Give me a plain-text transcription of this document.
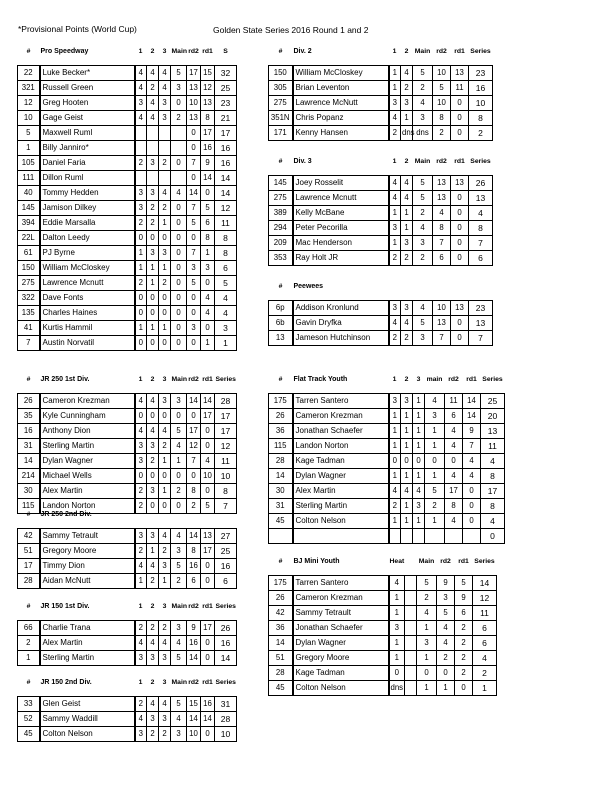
*Provisional Points (World Cup)	Golden State Series 2016 Round 1 and 2
#	Pro Speedway	1	2	3	Main	rd2	rd1	S

22	Luke Becker*	4	4	4	5	17	15	32
321	Russell Green	4	2	4	3	13	12	25
12	Greg Hooten	3	4	3	0	10	13	23
10	Gage Geist	4	4	3	2	13	8	21
5	Maxwell Ruml					0	17	17
1	Billy Janniro*					0	16	16
105	Daniel Faria	2	3	2	0	7	9	16
111	Dillon Ruml					0	14	14
40	Tommy Hedden	3	3	4	4	14	0	14
145	Jamison Dilkey	3	2	2	0	7	5	12
394	Eddie Marsalla	2	2	1	0	5	6	11
22L	Dalton Leedy	0	0	0	0	0	8	8
61	PJ Byrne	1	3	3	0	7	1	8
150	William McCloskey	1	1	1	0	3	3	6
275	Lawrence Mcnutt	2	1	2	0	5	0	5
322	Dave Fonts	0	0	0	0	0	4	4
135	Charles Haines	0	0	0	0	0	4	4
41	Kurtis Hammil	1	1	1	0	3	0	3
7	Austin Norvatil	0	0	0	0	0	1	1
#	Div. 2	1	2	Main	rd2	rd1	Series

150	William McCloskey	1	4	5	10	13	23
305	Brian Leventon	1	2	2	5	11	16
275	Lawrence McNutt	3	3	4	10	0	10
351N	Chris Popanz	4	1	3	8	0	8
171	Kenny Hansen	2	dns	dns	2	0	2
#	Div. 3	1	2	Main	rd2	rd1	Series

145	Joey Rosselit	4	4	5	13	13	26
275	Lawrence Mcnutt	4	4	5	13	0	13
389	Kelly McBane	1	1	2	4	0	4
294	Peter Pecorilla	3	1	4	8	0	8
209	Mac Henderson	1	3	3	7	0	7
353	Ray Holt JR	2	2	2	6	0	6
#	Peewees						

6p	Addison Kronlund	3	3	4	10	13	23
6b	Gavin Dryfka	4	4	5	13	0	13
13	Jameson Hutchinson	2	2	3	7	0	7
#	JR 250 1st Div.	1	2	3	Main	rd2	rd1	Series

26	Cameron Krezman	4	4	3	3	14	14	28
35	Kyle Cunningham	0	0	0	0	0	17	17
16	Anthony Dion	4	4	4	5	17	0	17
31	Sterling Martin	3	3	2	4	12	0	12
14	Dylan Wagner	3	2	1	1	7	4	11
214	Michael Wells	0	0	0	0	0	10	10
30	Alex Martin	2	3	1	2	8	0	8
115	Landon Norton	2	0	0	0	2	5	7
#	JR 250 2nd Div.							

42	Sammy Tetrault	3	3	4	4	14	13	27
51	Gregory Moore	2	1	2	3	8	17	25
17	Timmy Dion	4	4	3	5	16	0	16
28	Aidan McNutt	1	2	1	2	6	0	6
#	JR 150 1st Div.	1	2	3	Main	rd2	rd1	Series

66	Charlie Trana	2	2	2	3	9	17	26
2	Alex Martin	4	4	4	4	16	0	16
1	Sterling Martin	3	3	3	5	14	0	14
#	JR 150 2nd Div.	1	2	3	Main	rd2	rd1	Series

33	Glen Geist	2	4	4	5	15	16	31
52	Sammy Waddill	4	3	3	4	14	14	28
45	Colton Nelson	3	2	2	3	10	0	10
#	Flat Track Youth	1	2	3	main	rd2	rd1	Series

175	Tarren Santero	3	3	1	4	11	14	25
26	Cameron Krezman	1	1	1	3	6	14	20
36	Jonathan Schaefer	1	1	1	1	4	9	13
115	Landon Norton	1	1	1	1	4	7	11
28	Kage Tadman	0	0	0	0	0	4	4
14	Dylan Wagner	1	1	1	1	4	4	8
30	Alex Martin	4	4	4	5	17	0	17
31	Sterling Martin	2	1	3	2	8	0	8
45	Colton Nelson	1	1	1	1	4	0	4
								0
#	BJ Mini Youth	Heat		Main	rd2	rd1	Series

175	Tarren Santero	4		5	9	5	14
26	Cameron Krezman	1		2	3	9	12
42	Sammy Tetrault	1		4	5	6	11
36	Jonathan Schaefer	3		1	4	2	6
14	Dylan Wagner	1		3	4	2	6
51	Gregory Moore	1		1	2	2	4
28	Kage Tadman	0		0	0	2	2
45	Colton Nelson	dns		1	1	0	1
